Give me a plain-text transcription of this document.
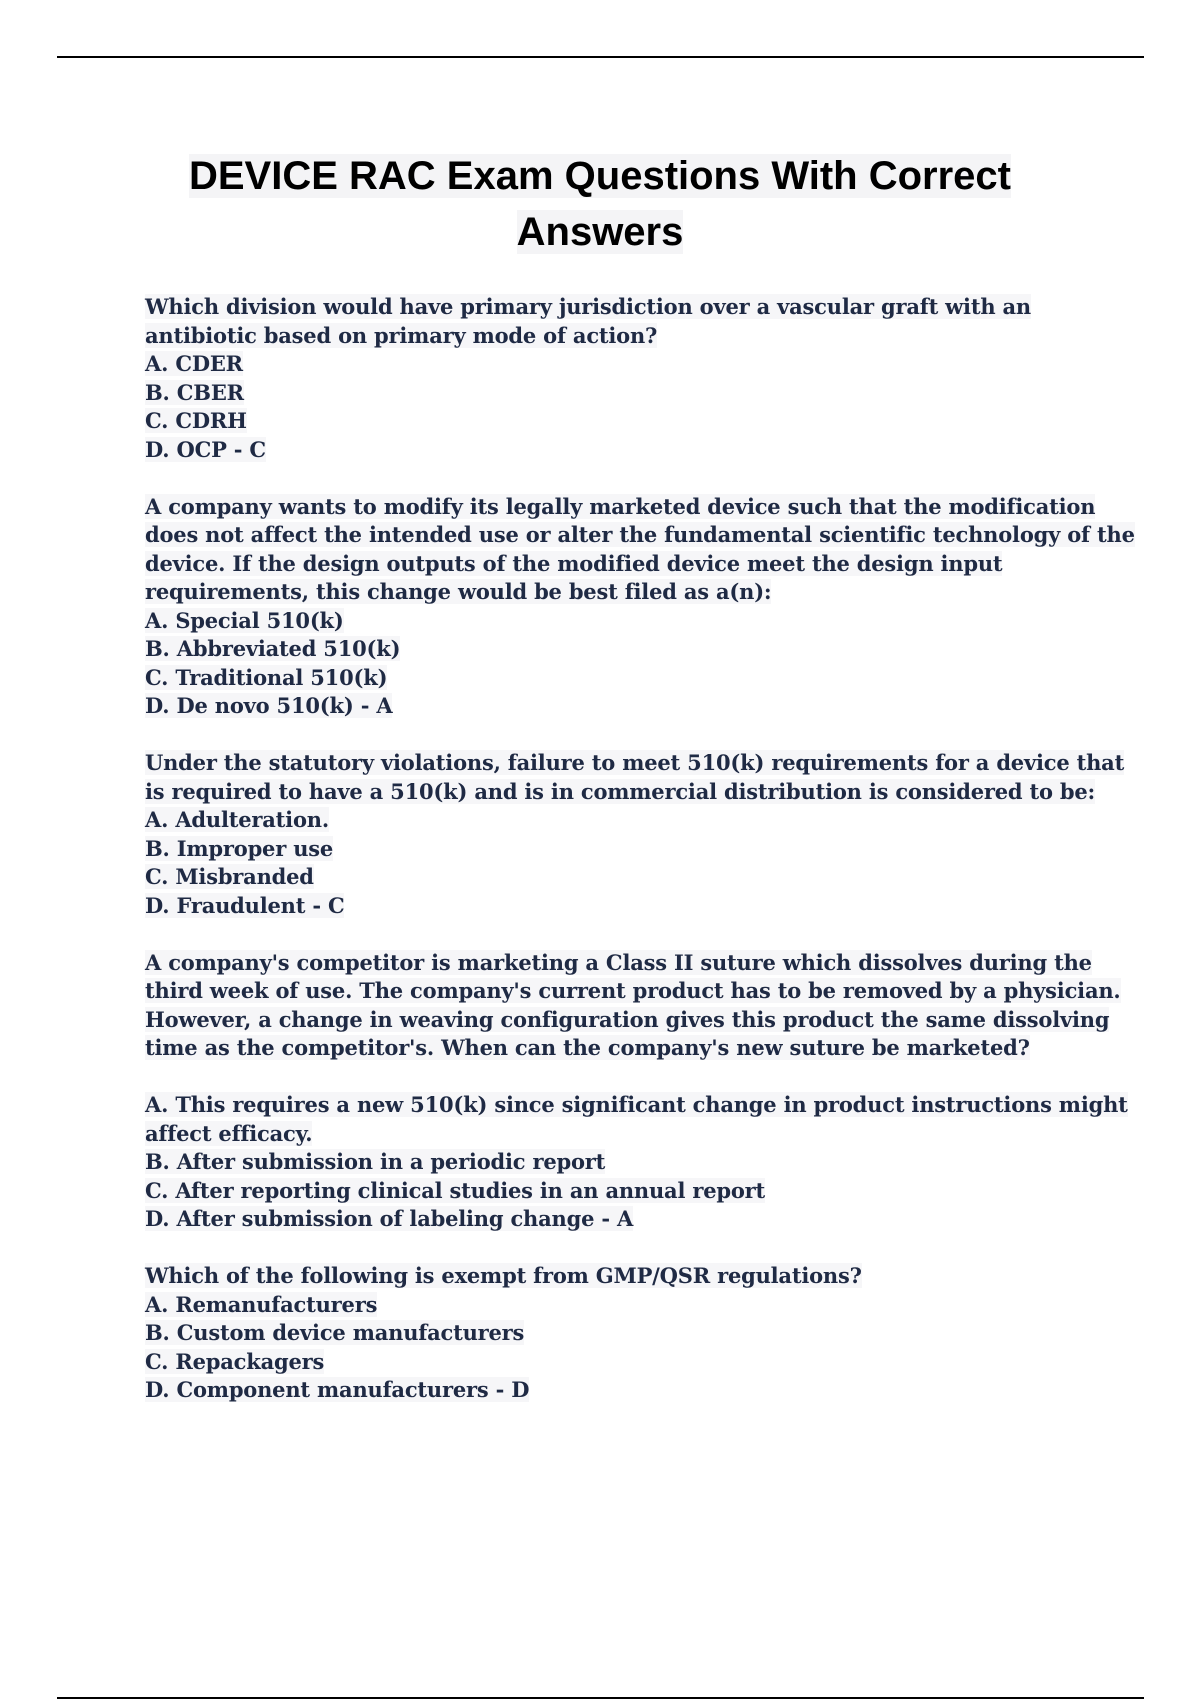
DEVICE RAC Exam Questions With Correct
Answers
Which division would have primary jurisdiction over a vascular graft with an
antibiotic based on primary mode of action?
A. CDER
B. CBER
C. CDRH
D. OCP - C
A company wants to modify its legally marketed device such that the modification
does not affect the intended use or alter the fundamental scientific technology of the
device. If the design outputs of the modified device meet the design input
requirements, this change would be best filed as a(n):
A. Special 510(k)
B. Abbreviated 510(k)
C. Traditional 510(k)
D. De novo 510(k) - A
Under the statutory violations, failure to meet 510(k) requirements for a device that
is required to have a 510(k) and is in commercial distribution is considered to be:
A. Adulteration.
B. Improper use
C. Misbranded
D. Fraudulent - C
A company's competitor is marketing a Class II suture which dissolves during the
third week of use. The company's current product has to be removed by a physician.
However, a change in weaving configuration gives this product the same dissolving
time as the competitor's. When can the company's new suture be marketed?
A. This requires a new 510(k) since significant change in product instructions might
affect efficacy.
B. After submission in a periodic report
C. After reporting clinical studies in an annual report
D. After submission of labeling change - A
Which of the following is exempt from GMP/QSR regulations?
A. Remanufacturers
B. Custom device manufacturers
C. Repackagers
D. Component manufacturers - D
